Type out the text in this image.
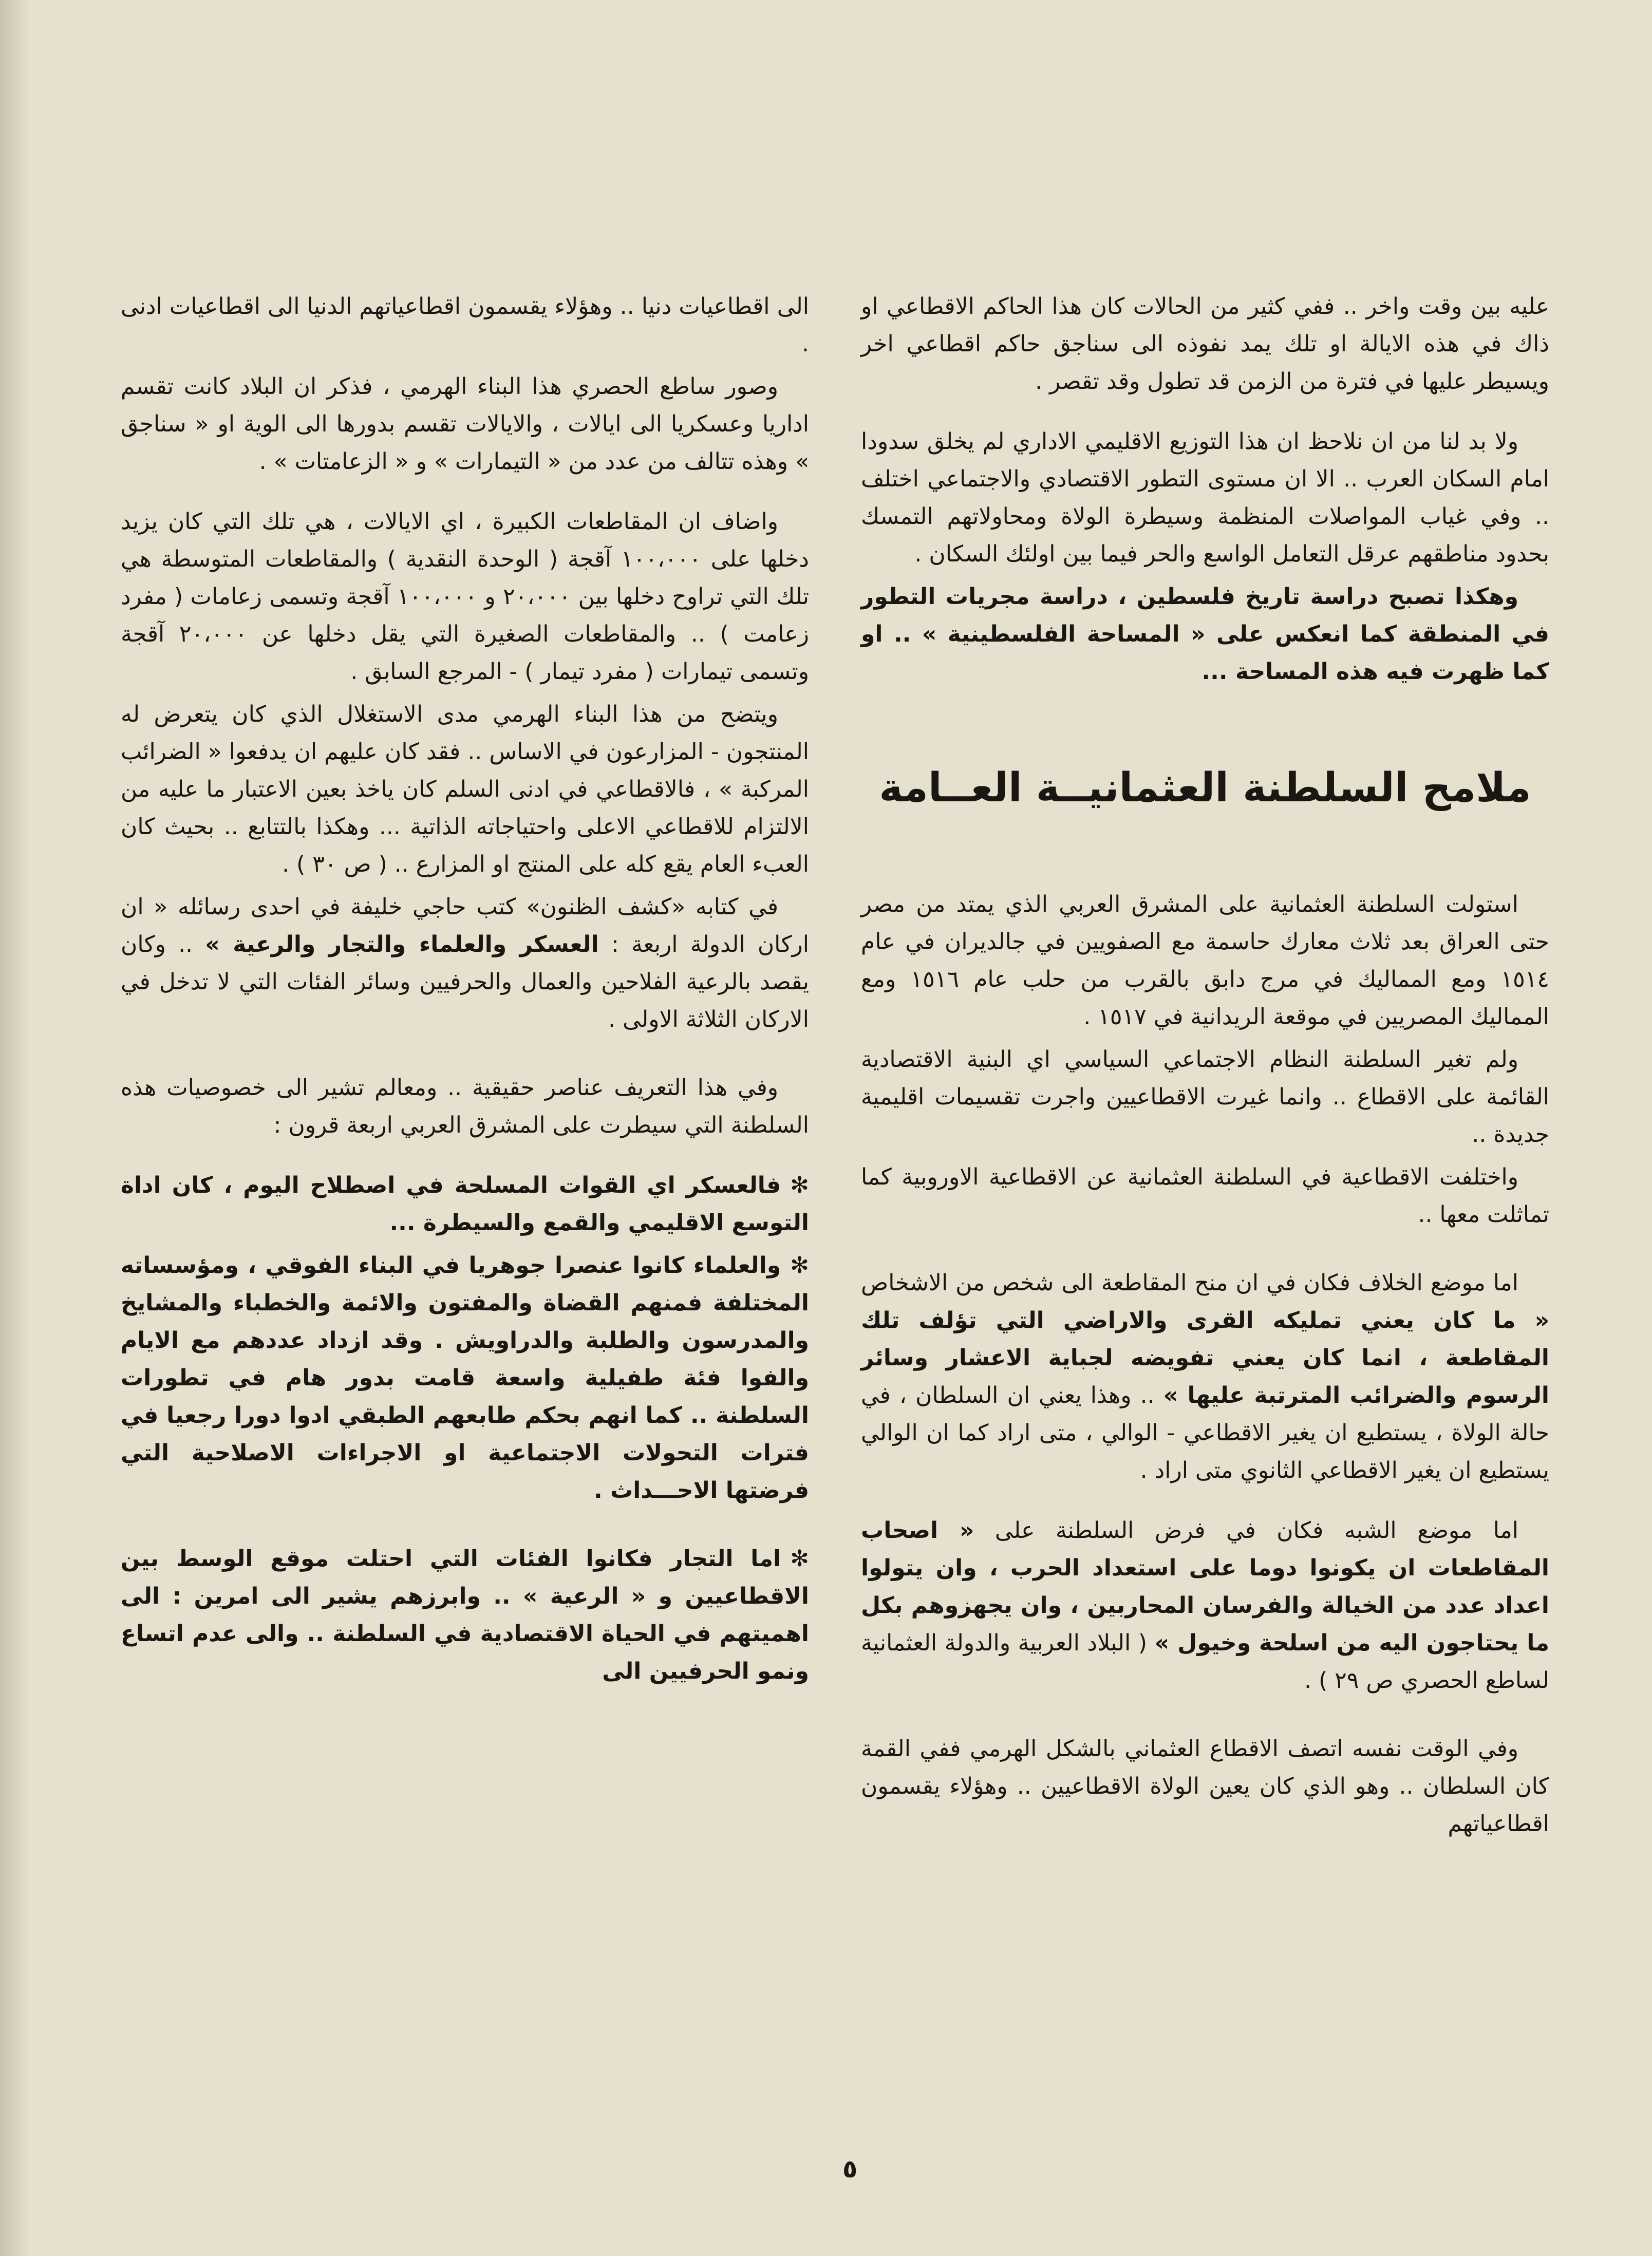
عليه بين وقت واخر .. ففي كثير من الحالات كان هذا الحاكم الاقطاعي او ذاك في هذه الايالة او تلك يمد نفوذه الى سناجق حاكم اقطاعي اخر ويسيطر عليها في فترة من الزمن قد تطول وقد تقصر .

ولا بد لنا من ان نلاحظ ان هذا التوزيع الاقليمي الاداري لم يخلق سدودا امام السكان العرب .. الا ان مستوى التطور الاقتصادي والاجتماعي اختلف .. وفي غياب المواصلات المنظمة وسيطرة الولاة ومحاولاتهم التمسك بحدود مناطقهم عرقل التعامل الواسع والحر فيما بين اولئك السكان .

وهكذا تصبح دراسة تاريخ فلسطين ، دراسة مجريات التطور في المنطقة كما انعكس على « المساحة الفلسطينية » .. او كما ظهرت فيه هذه المساحة ...

ملامح السلطنة العثمانيــة العــامة

استولت السلطنة العثمانية على المشرق العربي الذي يمتد من مصر حتى العراق بعد ثلاث معارك حاسمة مع الصفويين في جالديران في عام ١٥١٤ ومع المماليك في مرج دابق بالقرب من حلب عام ١٥١٦ ومع المماليك المصريين في موقعة الريدانية في ١٥١٧ .

ولم تغير السلطنة النظام الاجتماعي السياسي اي البنية الاقتصادية القائمة على الاقطاع .. وانما غيرت الاقطاعيين واجرت تقسيمات اقليمية جديدة ..

واختلفت الاقطاعية في السلطنة العثمانية عن الاقطاعية الاوروبية كما تماثلت معها ..

اما موضع الخلاف فكان في ان منح المقاطعة الى شخص من الاشخاص « ما كان يعني تمليكه القرى والاراضي التي تؤلف تلك المقاطعة ، انما كان يعني تفويضه لجباية الاعشار وسائر الرسوم والضرائب المترتبة عليها » .. وهذا يعني ان السلطان ، في حالة الولاة ، يستطيع ان يغير الاقطاعي - الوالي ، متى اراد كما ان الوالي يستطيع ان يغير الاقطاعي الثانوي متى اراد .

اما موضع الشبه فكان في فرض السلطنة على « اصحاب المقاطعات ان يكونوا دوما على استعداد الحرب ، وان يتولوا اعداد عدد من الخيالة والفرسان المحاربين ، وان يجهزوهم بكل ما يحتاجون اليه من اسلحة وخيول » ( البلاد العربية والدولة العثمانية لساطع الحصري ص ٢٩ ) .

وفي الوقت نفسه اتصف الاقطاع العثماني بالشكل الهرمي ففي القمة كان السلطان .. وهو الذي كان يعين الولاة الاقطاعيين .. وهؤلاء يقسمون اقطاعياتهم

الى اقطاعيات دنيا .. وهؤلاء يقسمون اقطاعياتهم الدنيا الى اقطاعيات ادنى .

وصور ساطع الحصري هذا البناء الهرمي ، فذكر ان البلاد كانت تقسم اداريا وعسكريا الى ايالات ، والايالات تقسم بدورها الى الوية او « سناجق » وهذه تتالف من عدد من « التيمارات » و « الزعامتات » .

واضاف ان المقاطعات الكبيرة ، اي الايالات ، هي تلك التي كان يزيد دخلها على ١٠٠،٠٠٠ آقجة ( الوحدة النقدية ) والمقاطعات المتوسطة هي تلك التي تراوح دخلها بين ٢٠،٠٠٠ و ١٠٠،٠٠٠ آقجة وتسمى زعامات ( مفرد زعامت ) .. والمقاطعات الصغيرة التي يقل دخلها عن ٢٠،٠٠٠ آقجة وتسمى تيمارات ( مفرد تيمار ) - المرجع السابق .

ويتضح من هذا البناء الهرمي مدى الاستغلال الذي كان يتعرض له المنتجون - المزارعون في الاساس .. فقد كان عليهم ان يدفعوا « الضرائب المركبة » ، فالاقطاعي في ادنى السلم كان ياخذ بعين الاعتبار ما عليه من الالتزام للاقطاعي الاعلى واحتياجاته الذاتية ... وهكذا بالتتابع .. بحيث كان العبء العام يقع كله على المنتج او المزارع .. ( ص ٣٠ ) .

في كتابه «كشف الظنون» كتب حاجي خليفة في احدى رسائله « ان اركان الدولة اربعة : العسكر والعلماء والتجار والرعية » .. وكان يقصد بالرعية الفلاحين والعمال والحرفيين وسائر الفئات التي لا تدخل في الاركان الثلاثة الاولى .

وفي هذا التعريف عناصر حقيقية .. ومعالم تشير الى خصوصيات هذه السلطنة التي سيطرت على المشرق العربي اربعة قرون :

✻فالعسكر اي القوات المسلحة في اصطلاح اليوم ، كان اداة التوسع الاقليمي والقمع والسيطرة ...

✻والعلماء كانوا عنصرا جوهريا في البناء الفوقي ، ومؤسساته المختلفة فمنهم القضاة والمفتون والائمة والخطباء والمشايخ والمدرسون والطلبة والدراويش . وقد ازداد عددهم مع الايام والفوا فئة طفيلية واسعة قامت بدور هام في تطورات السلطنة .. كما انهم بحكم طابعهم الطبقي ادوا دورا رجعيا في فترات التحولات الاجتماعية او الاجراءات الاصلاحية التي فرضتها الاحـــداث .

✻اما التجار فكانوا الفئات التي احتلت موقع الوسط بين الاقطاعيين و « الرعية » .. وابرزهم يشير الى امرين : الى اهميتهم في الحياة الاقتصادية في السلطنة .. والى عدم اتساع ونمو الحرفيين الى

٥
